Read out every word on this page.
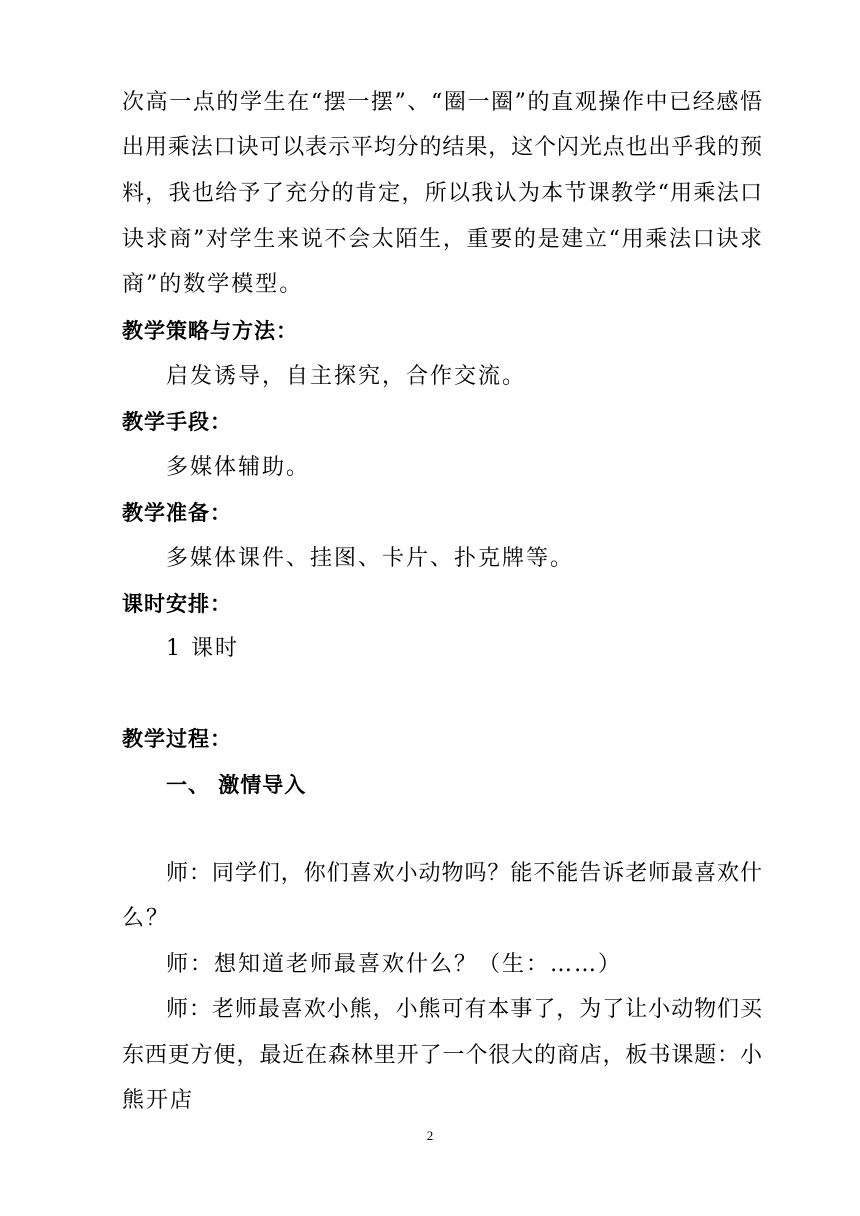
次高一点的学生在“摆一摆”、“圈一圈”的直观操作中已经感悟
出用乘法口诀可以表示平均分的结果，这个闪光点也出乎我的预
料，我也给予了充分的肯定，所以我认为本节课教学“用乘法口
诀求商”对学生来说不会太陌生，重要的是建立“用乘法口诀求
商”的数学模型。
教学策略与方法：
启发诱导，自主探究，合作交流。
教学手段：
多媒体辅助。
教学准备：
多媒体课件、挂图、卡片、扑克牌等。
课时安排：
1 课时
教学过程：
一、 激情导入
师：同学们，你们喜欢小动物吗？能不能告诉老师最喜欢什
么？
师：想知道老师最喜欢什么？（生：……）
师：老师最喜欢小熊，小熊可有本事了，为了让小动物们买
东西更方便，最近在森林里开了一个很大的商店，板书课题：小
熊开店
2
